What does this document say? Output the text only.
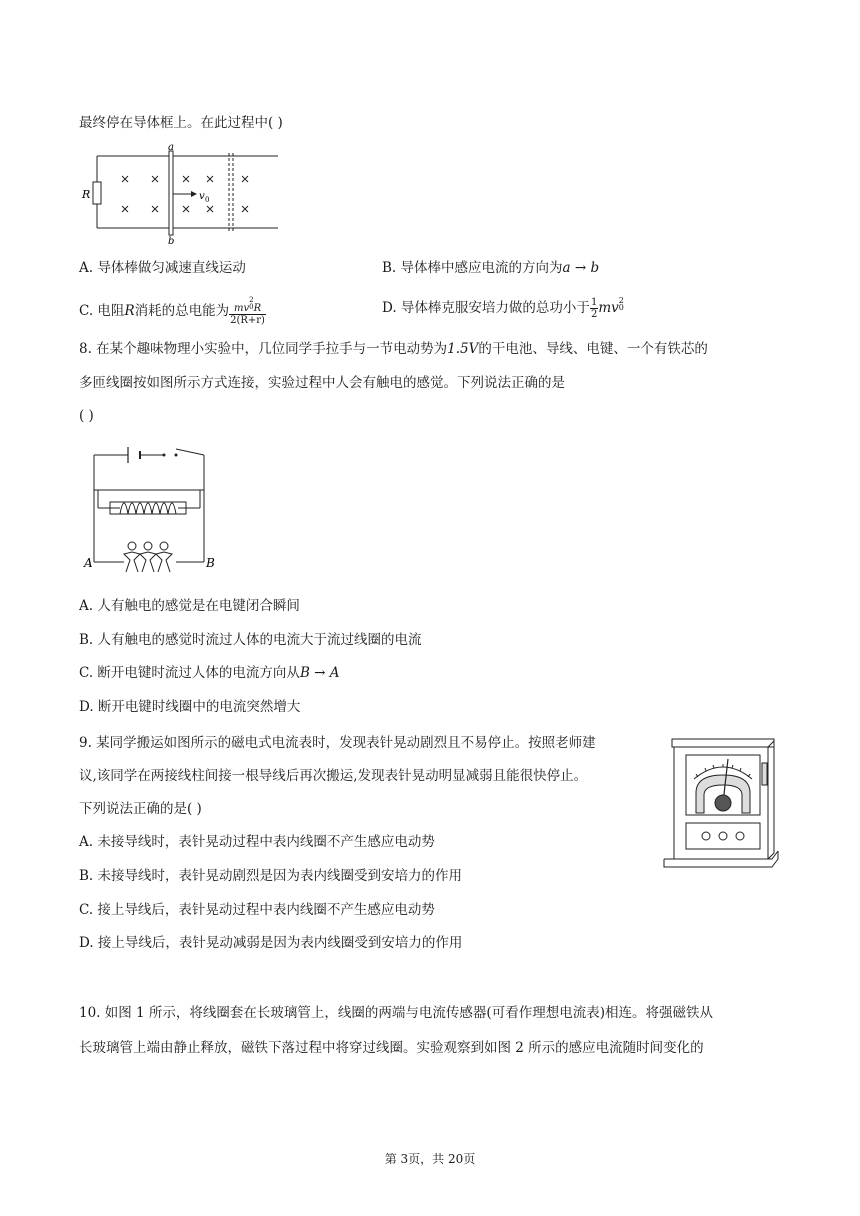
最终停在导体框上。在此过程中( )
a
b
R	v 0
A. 导体棒做匀减速直线运动	B. 导体棒中感应电流的方向为a → b
C. 电阻R消耗的总电能为 mv
2
0 R
2(R+r)	D. 导体棒克服安培力做的总功小于 $\frac{1}{2}$ mv 2
0
8. 在某个趣味物理小实验中，几位同学手拉手与一节电动势为1.5V的干电池、导线、电键、一个有铁芯的
多匝线圈按如图所示方式连接，实验过程中人会有触电的感觉。下列说法正确的是
( )
A	B
A. 人有触电的感觉是在电键闭合瞬间
B. 人有触电的感觉时流过人体的电流大于流过线圈的电流
C. 断开电键时流过人体的电流方向从B → A
D. 断开电键时线圈中的电流突然增大
9. 某同学搬运如图所示的磁电式电流表时，发现表针晃动剧烈且不易停止。按照老师建
议,该同学在两接线柱间接一根导线后再次搬运,发现表针晃动明显减弱且能很快停止。
下列说法正确的是( )
A. 未接导线时，表针晃动过程中表内线圈不产生感应电动势
B. 未接导线时，表针晃动剧烈是因为表内线圈受到安培力的作用
C. 接上导线后，表针晃动过程中表内线圈不产生感应电动势
D. 接上导线后，表针晃动减弱是因为表内线圈受到安培力的作用
10. 如图 1 所示，将线圈套在长玻璃管上，线圈的两端与电流传感器(可看作理想电流表)相连。将强磁铁从
长玻璃管上端由静止释放，磁铁下落过程中将穿过线圈。实验观察到如图 2 所示的感应电流随时间变化的
第 3页，共 20页
